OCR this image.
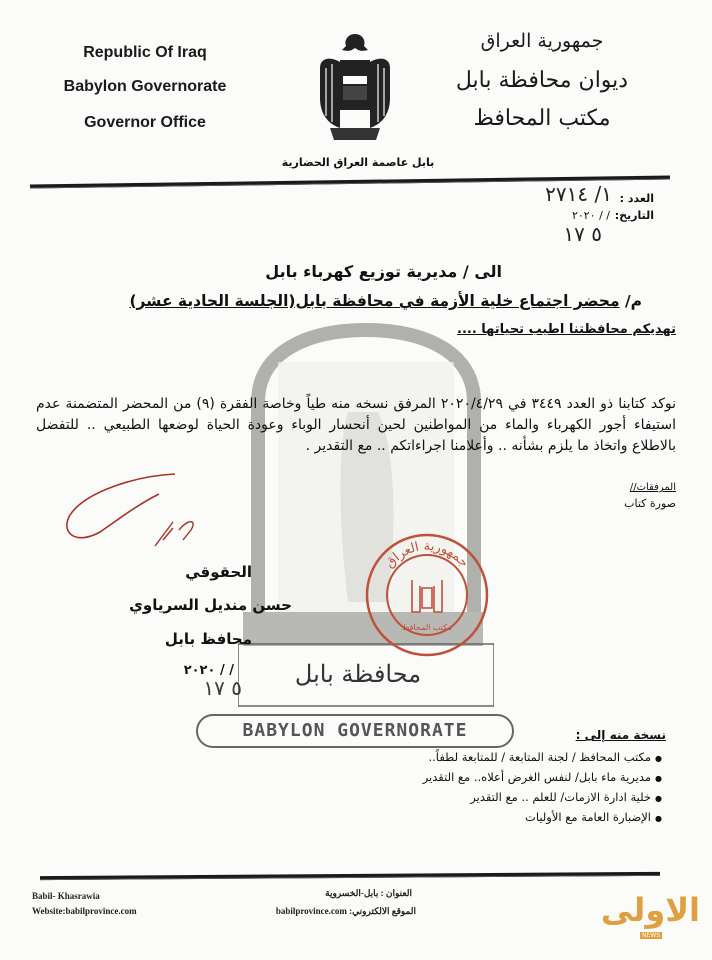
Republic Of Iraq
Babylon Governorate
Governor Office
بابل عاصمة العراق الحضارية
جمهورية العراق
ديوان محافظة بابل
مكتب المحافظ
العدد :
١/ ٢٧١٤
التاريخ:
/ / ٢٠٢٠
٥ ١٧
محافظة بابل
BABYLON GOVERNORATE
الى / مديرية توزيع كهرباء بابل
م/ محضر اجتماع خلية الأزمة في محافظة بابل(الجلسة الحادية عشر)
تهديكم محافظتنا اطيب تحياتها ....
نوكد كتابنا ذو العدد ٣٤٤٩ في ٢٠٢٠/٤/٢٩ المرفق نسخه منه طياً وخاصة الفقرة (٩) من المحضر المتضمنة عدم استيفاء أجور الكهرباء والماء من المواطنين لحين أنحسار الوباء وعودة الحياة لوضعها الطبيعي .. للتفضل بالاطلاع واتخاذ ما يلزم بشأنه .. وأعلامنا اجراءاتكم .. مع التقدير .
المرفقات//
صورة كتاب
الحقوقي
حسن منديل السرياوي
محافظ بابل
/ / ٢٠٢٠
٥ ١٧
جمهورية العراق
مكتب المحافظ
نسخة منه إلى :
● مكتب المحافظ / لجنة المتابعة / للمتابعة لطفاً..
● مديرية ماء بابل/ لنفس الغرض أعلاه.. مع التقدير
● خلية ادارة الازمات/ للعلم .. مع التقدير
● الإضبارة العامة مع الأوليات
Babil- Khasrawia
Website:babilprovince.com
العنوان : بابل-الخسروية
الموقع الالكتروني: babilprovince.com	الاولى
NEWS
